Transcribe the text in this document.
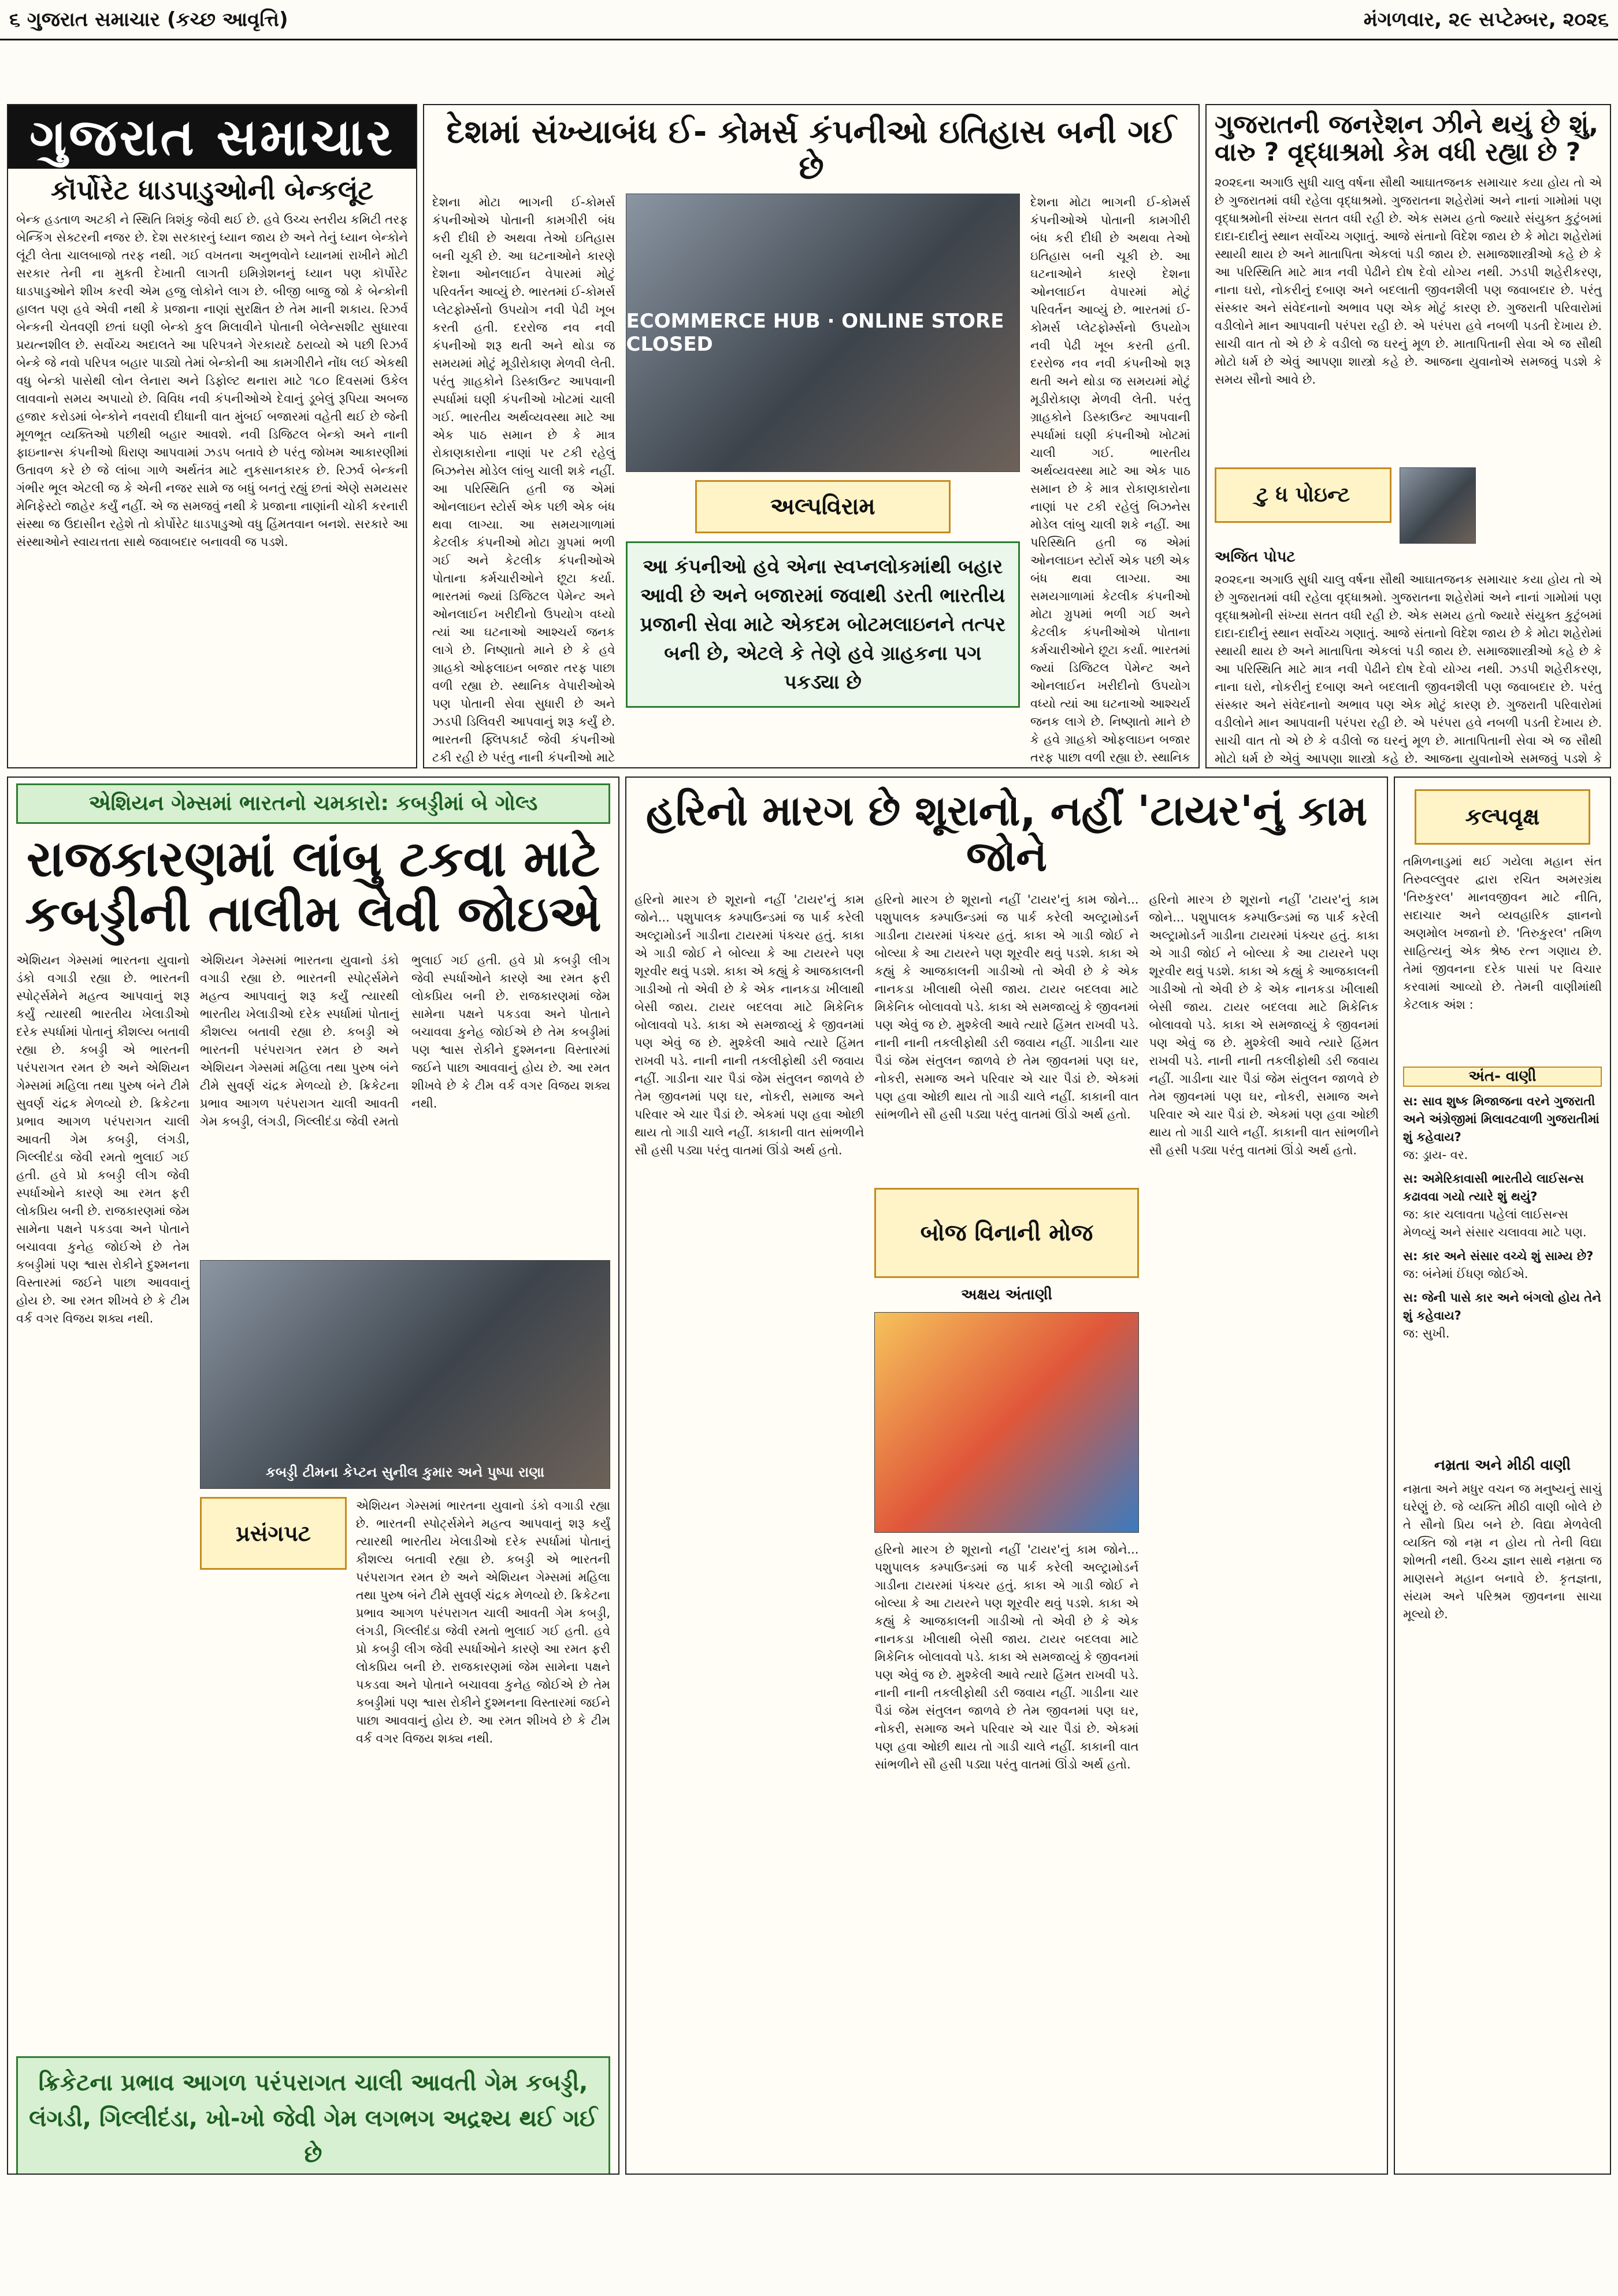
૬ ગુજરાત સમાચાર (કચ્છ આવૃત્તિ)	મંગળવાર, ૨૯ સપ્ટેમ્બર, ૨૦૨૬
ગુજરાત સમાચાર
કૉર્પોરેટ ધાડપાડુઓની બેન્કલૂંટ
બેન્ક હડતાળ અટકી ને સ્થિતિ ત્રિશંકુ જેવી થઈ છે. હવે ઉચ્ચ સ્તરીય કમિટી તરફ બેન્કિંગ સેક્ટરની નજર છે. દેશ સરકારનું ધ્યાન જાય છે અને તેનું ધ્યાન બેન્કોને લૂંટી લેતા ચાલબાજો તરફ નથી. ગઈ વખતના અનુભવોને ધ્યાનમાં રાખીને મોટી સરકાર તેની ના મુકતી દેખાતી લાગતી ઇમિગ્રેશનનું ધ્યાન પણ કૉર્પોરેટ ધાડપાડુઓને શીખ કરવી એમ હજુ લોકોને લાગ છે. બીજી બાજુ જો કે બેન્કોની હાલત પણ હવે એવી નથી કે પ્રજાના નાણાં સુરક્ષિત છે તેમ માની શકાય. રિઝર્વ બેન્કની ચેતવણી છતાં ઘણી બેન્કો કુલ મિલાવીને પોતાની બેલેન્સશીટ સુધારવા પ્રયત્નશીલ છે. સર્વોચ્ચ અદાલતે આ પરિપત્રને ગેરકાયદે ઠરાવ્યો એ પછી રિઝર્વ બેન્કે જે નવો પરિપત્ર બહાર પાડ્યો તેમાં બેન્કોની આ કામગીરીને નોંધ લઈ એકથી વધુ બેન્કો પાસેથી લોન લેનારા અને ડિફોલ્ટ થનારા માટે ૧૮૦ દિવસમાં ઉકેલ લાવવાનો સમય અપાયો છે. વિવિધ નવી કંપનીઓએ દેવાનું ડૂબેલું રૂપિયા અબજ હજાર કરોડમાં બેન્કોને નવરાવી દીધાની વાત મુંબઈ બજારમાં વહેતી થઈ છે જેની મૂળભૂત વ્યક્તિઓ પછીથી બહાર આવશે. નવી ડિજિટલ બેન્કો અને નાની ફાઇનાન્સ કંપનીઓ ધિરાણ આપવામાં ઝડપ બતાવે છે પરંતુ જોખમ આકારણીમાં ઉતાવળ કરે છે જે લાંબા ગાળે અર્થતંત્ર માટે નુકસાનકારક છે. રિઝર્વ બેન્કની ગંભીર ભૂલ એટલી જ કે એની નજર સામે જ બધું બનતું રહ્યું છતાં એણે સમયસર મેનિફેસ્ટો જાહેર કર્યું નહીં. એ જ સમજવું નથી કે પ્રજાના નાણાંની ચોકી કરનારી સંસ્થા જ ઉદાસીન રહેશે તો કોર્પોરેટ ધાડપાડુઓ વધુ હિંમતવાન બનશે. સરકારે આ સંસ્થાઓને સ્વાયત્તતા સાથે જવાબદાર બનાવવી જ પડશે.
દેશમાં સંખ્યાબંધ ઈ- કોમર્સ કંપનીઓ ઇતિહાસ બની ગઈ છે
દેશના મોટા ભાગની ઈ-કોમર્સ કંપનીઓએ પોતાની કામગીરી બંધ કરી દીધી છે અથવા તેઓ ઇતિહાસ બની ચૂકી છે. આ ઘટનાઓને કારણે દેશના ઓનલાઈન વેપારમાં મોટું પરિવર્તન આવ્યું છે. ભારતમાં ઈ-કોમર્સ પ્લેટફોર્મ્સનો ઉપયોગ નવી પેઢી ખૂબ કરતી હતી. દરરોજ નવ નવી કંપનીઓ શરૂ થતી અને થોડા જ સમયમાં મોટું મૂડીરોકાણ મેળવી લેતી. પરંતુ ગ્રાહકોને ડિસ્કાઉન્ટ આપવાની સ્પર્ધામાં ઘણી કંપનીઓ ખોટમાં ચાલી ગઈ. ભારતીય અર્થવ્યવસ્થા માટે આ એક પાઠ સમાન છે કે માત્ર રોકાણકારોના નાણાં પર ટકી રહેલું બિઝનેસ મોડેલ લાંબુ ચાલી શકે નહીં. આ પરિસ્થિતિ હતી જ એમાં ઓનલાઇન સ્ટોર્સ એક પછી એક બંધ થવા લાગ્યા. આ સમયગાળામાં કેટલીક કંપનીઓ મોટા ગ્રુપમાં ભળી ગઈ અને કેટલીક કંપનીઓએ પોતાના કર્મચારીઓને છૂટા કર્યા. ભારતમાં જ્યાં ડિજિટલ પેમેન્ટ અને ઓનલાઈન ખરીદીનો ઉપયોગ વધ્યો ત્યાં આ ઘટનાઓ આશ્ચર્ય જનક લાગે છે. નિષ્ણાતો માને છે કે હવે ગ્રાહકો ઓફલાઇન બજાર તરફ પાછા વળી રહ્યા છે. સ્થાનિક વેપારીઓએ પણ પોતાની સેવા સુધારી છે અને ઝડપી ડિલિવરી આપવાનું શરૂ કર્યું છે. ભારતની ફ્લિપકાર્ટ જેવી કંપનીઓ ટકી રહી છે પરંતુ નાની કંપનીઓ માટે
ECOMMERCE HUB · ONLINE STORE CLOSED
અલ્પવિરામ
આ કંપનીઓ હવે એના સ્વપ્નલોકમાંથી બહાર આવી છે અને બજારમાં જવાથી ડરતી ભારતીય પ્રજાની સેવા માટે એકદમ બોટમલાઇનને તત્પર બની છે, એટલે કે તેણે હવે ગ્રાહકના પગ પકડ્યા છે
દેશના મોટા ભાગની ઈ-કોમર્સ કંપનીઓએ પોતાની કામગીરી બંધ કરી દીધી છે અથવા તેઓ ઇતિહાસ બની ચૂકી છે. આ ઘટનાઓને કારણે દેશના ઓનલાઈન વેપારમાં મોટું પરિવર્તન આવ્યું છે. ભારતમાં ઈ-કોમર્સ પ્લેટફોર્મ્સનો ઉપયોગ નવી પેઢી ખૂબ કરતી હતી. દરરોજ નવ નવી કંપનીઓ શરૂ થતી અને થોડા જ સમયમાં મોટું મૂડીરોકાણ મેળવી લેતી. પરંતુ ગ્રાહકોને ડિસ્કાઉન્ટ આપવાની સ્પર્ધામાં ઘણી કંપનીઓ ખોટમાં ચાલી ગઈ. ભારતીય અર્થવ્યવસ્થા માટે આ એક પાઠ સમાન છે કે માત્ર રોકાણકારોના નાણાં પર ટકી રહેલું બિઝનેસ મોડેલ લાંબુ ચાલી શકે નહીં. આ પરિસ્થિતિ હતી જ એમાં ઓનલાઇન સ્ટોર્સ એક પછી એક બંધ થવા લાગ્યા. આ સમયગાળામાં કેટલીક કંપનીઓ મોટા ગ્રુપમાં ભળી ગઈ અને કેટલીક કંપનીઓએ પોતાના કર્મચારીઓને છૂટા કર્યા. ભારતમાં જ્યાં ડિજિટલ પેમેન્ટ અને ઓનલાઈન ખરીદીનો ઉપયોગ વધ્યો ત્યાં આ ઘટનાઓ આશ્ચર્ય જનક લાગે છે. નિષ્ણાતો માને છે કે હવે ગ્રાહકો ઓફલાઇન બજાર તરફ પાછા વળી રહ્યા છે. સ્થાનિક
ગુજરાતની જનરેશન ઝીને થયું છે શું, વારુ ? વૃદ્ધાશ્રમો કેમ વધી રહ્યા છે ?
૨૦૨૬ના અગાઉ સુધી ચાલુ વર્ષના સૌથી આઘાતજનક સમાચાર કયા હોય તો એ છે ગુજરાતમાં વધી રહેલા વૃદ્ધાશ્રમો. ગુજરાતના શહેરોમાં અને નાનાં ગામોમાં પણ વૃદ્ધાશ્રમોની સંખ્યા સતત વધી રહી છે. એક સમય હતો જ્યારે સંયુક્ત કુટુંબમાં દાદા-દાદીનું સ્થાન સર્વોચ્ચ ગણાતું. આજે સંતાનો વિદેશ જાય છે કે મોટા શહેરોમાં સ્થાયી થાય છે અને માતાપિતા એકલાં પડી જાય છે. સમાજશાસ્ત્રીઓ કહે છે કે આ પરિસ્થિતિ માટે માત્ર નવી પેઢીને દોષ દેવો યોગ્ય નથી. ઝડપી શહેરીકરણ, નાના ઘરો, નોકરીનું દબાણ અને બદલાતી જીવનશૈલી પણ જવાબદાર છે. પરંતુ સંસ્કાર અને સંવેદનાનો અભાવ પણ એક મોટું કારણ છે. ગુજરાતી પરિવારોમાં વડીલોને માન આપવાની પરંપરા રહી છે. એ પરંપરા હવે નબળી પડતી દેખાય છે. સાચી વાત તો એ છે કે વડીલો જ ઘરનું મૂળ છે. માતાપિતાની સેવા એ જ સૌથી મોટો ધર્મ છે એવું આપણા શાસ્ત્રો કહે છે. આજના યુવાનોએ સમજવું પડશે કે સમય સૌનો આવે છે.
ટુ ધ પોઇન્ટ
અજિત પોપટ
૨૦૨૬ના અગાઉ સુધી ચાલુ વર્ષના સૌથી આઘાતજનક સમાચાર કયા હોય તો એ છે ગુજરાતમાં વધી રહેલા વૃદ્ધાશ્રમો. ગુજરાતના શહેરોમાં અને નાનાં ગામોમાં પણ વૃદ્ધાશ્રમોની સંખ્યા સતત વધી રહી છે. એક સમય હતો જ્યારે સંયુક્ત કુટુંબમાં દાદા-દાદીનું સ્થાન સર્વોચ્ચ ગણાતું. આજે સંતાનો વિદેશ જાય છે કે મોટા શહેરોમાં સ્થાયી થાય છે અને માતાપિતા એકલાં પડી જાય છે. સમાજશાસ્ત્રીઓ કહે છે કે આ પરિસ્થિતિ માટે માત્ર નવી પેઢીને દોષ દેવો યોગ્ય નથી. ઝડપી શહેરીકરણ, નાના ઘરો, નોકરીનું દબાણ અને બદલાતી જીવનશૈલી પણ જવાબદાર છે. પરંતુ સંસ્કાર અને સંવેદનાનો અભાવ પણ એક મોટું કારણ છે. ગુજરાતી પરિવારોમાં વડીલોને માન આપવાની પરંપરા રહી છે. એ પરંપરા હવે નબળી પડતી દેખાય છે. સાચી વાત તો એ છે કે વડીલો જ ઘરનું મૂળ છે. માતાપિતાની સેવા એ જ સૌથી મોટો ધર્મ છે એવું આપણા શાસ્ત્રો કહે છે. આજના યુવાનોએ સમજવું પડશે કે
એશિયન ગેમ્સમાં ભારતનો ચમકારો: કબડ્ડીમાં બે ગોલ્ડ
રાજકારણમાં લાંબુ ટકવા માટે કબડ્ડીની તાલીમ લેવી જોઇએ
એશિયન ગેમ્સમાં ભારતના યુવાનો ડંકો વગાડી રહ્યા છે. ભારતની સ્પોર્ટ્સમેને મહત્વ આપવાનું શરૂ કર્યું ત્યારથી ભારતીય ખેલાડીઓ દરેક સ્પર્ધામાં પોતાનું કૌશલ્ય બતાવી રહ્યા છે. કબડ્ડી એ ભારતની પરંપરાગત રમત છે અને એશિયન ગેમ્સમાં મહિલા તથા પુરુષ બંને ટીમે સુવર્ણ ચંદ્રક મેળવ્યો છે. ક્રિકેટના પ્રભાવ આગળ પરંપરાગત ચાલી આવતી ગેમ કબડ્ડી, લંગડી, ગિલ્લીદંડા જેવી રમતો ભુલાઈ ગઈ હતી. હવે પ્રો કબડ્ડી લીગ જેવી સ્પર્ધાઓને કારણે આ રમત ફરી લોકપ્રિય બની છે. રાજકારણમાં જેમ સામેના પક્ષને પકડવા અને પોતાને બચાવવા કુનેહ જોઈએ છે તેમ કબડ્ડીમાં પણ શ્વાસ રોકીને દુશ્મનના વિસ્તારમાં જઈને પાછા આવવાનું હોય છે. આ રમત શીખવે છે કે ટીમ વર્ક વગર વિજય શક્ય નથી.
એશિયન ગેમ્સમાં ભારતના યુવાનો ડંકો વગાડી રહ્યા છે. ભારતની સ્પોર્ટ્સમેને મહત્વ આપવાનું શરૂ કર્યું ત્યારથી ભારતીય ખેલાડીઓ દરેક સ્પર્ધામાં પોતાનું કૌશલ્ય બતાવી રહ્યા છે. કબડ્ડી એ ભારતની પરંપરાગત રમત છે અને એશિયન ગેમ્સમાં મહિલા તથા પુરુષ બંને ટીમે સુવર્ણ ચંદ્રક મેળવ્યો છે. ક્રિકેટના પ્રભાવ આગળ પરંપરાગત ચાલી આવતી ગેમ કબડ્ડી, લંગડી, ગિલ્લીદંડા જેવી રમતો ભુલાઈ ગઈ હતી. હવે પ્રો કબડ્ડી લીગ જેવી સ્પર્ધાઓને કારણે આ રમત ફરી લોકપ્રિય બની છે. રાજકારણમાં જેમ સામેના પક્ષને પકડવા અને પોતાને બચાવવા કુનેહ જોઈએ છે તેમ કબડ્ડીમાં પણ શ્વાસ રોકીને દુશ્મનના વિસ્તારમાં જઈને પાછા આવવાનું હોય છે. આ રમત શીખવે છે કે ટીમ વર્ક વગર વિજય શક્ય નથી.
કબડ્ડી ટીમના કેપ્ટન સુનીલ કુમાર અને પુષ્પા રાણા
પ્રસંગપટ
એશિયન ગેમ્સમાં ભારતના યુવાનો ડંકો વગાડી રહ્યા છે. ભારતની સ્પોર્ટ્સમેને મહત્વ આપવાનું શરૂ કર્યું ત્યારથી ભારતીય ખેલાડીઓ દરેક સ્પર્ધામાં પોતાનું કૌશલ્ય બતાવી રહ્યા છે. કબડ્ડી એ ભારતની પરંપરાગત રમત છે અને એશિયન ગેમ્સમાં મહિલા તથા પુરુષ બંને ટીમે સુવર્ણ ચંદ્રક મેળવ્યો છે. ક્રિકેટના પ્રભાવ આગળ પરંપરાગત ચાલી આવતી ગેમ કબડ્ડી, લંગડી, ગિલ્લીદંડા જેવી રમતો ભુલાઈ ગઈ હતી. હવે પ્રો કબડ્ડી લીગ જેવી સ્પર્ધાઓને કારણે આ રમત ફરી લોકપ્રિય બની છે. રાજકારણમાં જેમ સામેના પક્ષને પકડવા અને પોતાને બચાવવા કુનેહ જોઈએ છે તેમ કબડ્ડીમાં પણ શ્વાસ રોકીને દુશ્મનના વિસ્તારમાં જઈને પાછા આવવાનું હોય છે. આ રમત શીખવે છે કે ટીમ વર્ક વગર વિજય શક્ય નથી.
ક્રિકેટના પ્રભાવ આગળ પરંપરાગત ચાલી આવતી ગેમ કબડ્ડી, લંગડી, ગિલ્લીદંડા, ખો-ખો જેવી ગેમ લગભગ અદ્રશ્ય થઈ ગઈ છે
હરિનો મારગ છે શૂરાનો, નહીં 'ટાયર'નું કામ જોને
હરિનો મારગ છે શૂરાનો નહીં 'ટાયર'નું કામ જોને... પશુપાલક કમ્પાઉન્ડમાં જ પાર્ક કરેલી અલ્ટ્રામોડર્ન ગાડીના ટાયરમાં પંક્ચર હતું. કાકા એ ગાડી જોઈ ને બોલ્યા કે આ ટાયરને પણ શૂરવીર થવું પડશે. કાકા એ કહ્યું કે આજકાલની ગાડીઓ તો એવી છે કે એક નાનકડા ખીલાથી બેસી જાય. ટાયર બદલવા માટે મિકેનિક બોલાવવો પડે. કાકા એ સમજાવ્યું કે જીવનમાં પણ એવું જ છે. મુશ્કેલી આવે ત્યારે હિંમત રાખવી પડે. નાની નાની તકલીફોથી ડરી જવાય નહીં. ગાડીના ચાર પૈડાં જેમ સંતુલન જાળવે છે તેમ જીવનમાં પણ ઘર, નોકરી, સમાજ અને પરિવાર એ ચાર પૈડાં છે. એકમાં પણ હવા ઓછી થાય તો ગાડી ચાલે નહીં. કાકાની વાત સાંભળીને સૌ હસી પડ્યા પરંતુ વાતમાં ઊંડો અર્થ હતો.
હરિનો મારગ છે શૂરાનો નહીં 'ટાયર'નું કામ જોને... પશુપાલક કમ્પાઉન્ડમાં જ પાર્ક કરેલી અલ્ટ્રામોડર્ન ગાડીના ટાયરમાં પંક્ચર હતું. કાકા એ ગાડી જોઈ ને બોલ્યા કે આ ટાયરને પણ શૂરવીર થવું પડશે. કાકા એ કહ્યું કે આજકાલની ગાડીઓ તો એવી છે કે એક નાનકડા ખીલાથી બેસી જાય. ટાયર બદલવા માટે મિકેનિક બોલાવવો પડે. કાકા એ સમજાવ્યું કે જીવનમાં પણ એવું જ છે. મુશ્કેલી આવે ત્યારે હિંમત રાખવી પડે. નાની નાની તકલીફોથી ડરી જવાય નહીં. ગાડીના ચાર પૈડાં જેમ સંતુલન જાળવે છે તેમ જીવનમાં પણ ઘર, નોકરી, સમાજ અને પરિવાર એ ચાર પૈડાં છે. એકમાં પણ હવા ઓછી થાય તો ગાડી ચાલે નહીં. કાકાની વાત સાંભળીને સૌ હસી પડ્યા પરંતુ વાતમાં ઊંડો અર્થ હતો.
બોજ વિનાની મોજ
અક્ષય અંતાણી
હરિનો મારગ છે શૂરાનો નહીં 'ટાયર'નું કામ જોને... પશુપાલક કમ્પાઉન્ડમાં જ પાર્ક કરેલી અલ્ટ્રામોડર્ન ગાડીના ટાયરમાં પંક્ચર હતું. કાકા એ ગાડી જોઈ ને બોલ્યા કે આ ટાયરને પણ શૂરવીર થવું પડશે. કાકા એ કહ્યું કે આજકાલની ગાડીઓ તો એવી છે કે એક નાનકડા ખીલાથી બેસી જાય. ટાયર બદલવા માટે મિકેનિક બોલાવવો પડે. કાકા એ સમજાવ્યું કે જીવનમાં પણ એવું જ છે. મુશ્કેલી આવે ત્યારે હિંમત રાખવી પડે. નાની નાની તકલીફોથી ડરી જવાય નહીં. ગાડીના ચાર પૈડાં જેમ સંતુલન જાળવે છે તેમ જીવનમાં પણ ઘર, નોકરી, સમાજ અને પરિવાર એ ચાર પૈડાં છે. એકમાં પણ હવા ઓછી થાય તો ગાડી ચાલે નહીં. કાકાની વાત સાંભળીને સૌ હસી પડ્યા પરંતુ વાતમાં ઊંડો અર્થ હતો.
હરિનો મારગ છે શૂરાનો નહીં 'ટાયર'નું કામ જોને... પશુપાલક કમ્પાઉન્ડમાં જ પાર્ક કરેલી અલ્ટ્રામોડર્ન ગાડીના ટાયરમાં પંક્ચર હતું. કાકા એ ગાડી જોઈ ને બોલ્યા કે આ ટાયરને પણ શૂરવીર થવું પડશે. કાકા એ કહ્યું કે આજકાલની ગાડીઓ તો એવી છે કે એક નાનકડા ખીલાથી બેસી જાય. ટાયર બદલવા માટે મિકેનિક બોલાવવો પડે. કાકા એ સમજાવ્યું કે જીવનમાં પણ એવું જ છે. મુશ્કેલી આવે ત્યારે હિંમત રાખવી પડે. નાની નાની તકલીફોથી ડરી જવાય નહીં. ગાડીના ચાર પૈડાં જેમ સંતુલન જાળવે છે તેમ જીવનમાં પણ ઘર, નોકરી, સમાજ અને પરિવાર એ ચાર પૈડાં છે. એકમાં પણ હવા ઓછી થાય તો ગાડી ચાલે નહીં. કાકાની વાત સાંભળીને સૌ હસી પડ્યા પરંતુ વાતમાં ઊંડો અર્થ હતો.
કલ્પવૃક્ષ
તમિળનાડુમાં થઈ ગયેલા મહાન સંત તિરુવલ્લુવર દ્વારા રચિત અમરગ્રંથ 'તિરુકુરલ' માનવજીવન માટે નીતિ, સદાચાર અને વ્યવહારિક જ્ઞાનનો અણમોલ ખજાનો છે. 'તિરુકુરલ' તમિળ સાહિત્યનું એક શ્રેષ્ઠ રત્ન ગણાય છે. તેમાં જીવનના દરેક પાસાં પર વિચાર કરવામાં આવ્યો છે. તેમની વાણીમાંથી કેટલાક અંશ :
અંત- વાણી

સ: સાવ શુષ્ક મિજાજના વરને ગુજરાતી અને અંગ્રેજીમાં મિલાવટવાળી ગુજરાતીમાં શું કહેવાય?
જ: ડ્રાય- વર.

સ: અમેરિકાવાસી ભારતીયે લાઈસન્સ કઢાવવા ગયો ત્યારે શું થયું?
જ: કાર ચલાવતા પહેલાં લાઈસન્સ મેળવ્યું અને સંસાર ચલાવવા માટે પણ.

સ: કાર અને સંસાર વચ્ચે શું સામ્ય છે?
જ: બંનેમાં ઈંધણ જોઈએ.

સ: જેની પાસે કાર અને બંગલો હોય તેને શું કહેવાય?
જ: સુખી.

નમ્રતા અને મીઠી વાણી
નમ્રતા અને મધુર વચન જ મનુષ્યનું સાચું ઘરેણું છે. જે વ્યક્તિ મીઠી વાણી બોલે છે તે સૌનો પ્રિય બને છે. વિદ્યા મેળવેલી વ્યક્તિ જો નમ્ર ન હોય તો તેની વિદ્યા શોભતી નથી. ઉચ્ચ જ્ઞાન સાથે નમ્રતા જ માણસને મહાન બનાવે છે. કૃતજ્ઞતા, સંયમ અને પરિશ્રમ જીવનના સાચા મૂલ્યો છે.
